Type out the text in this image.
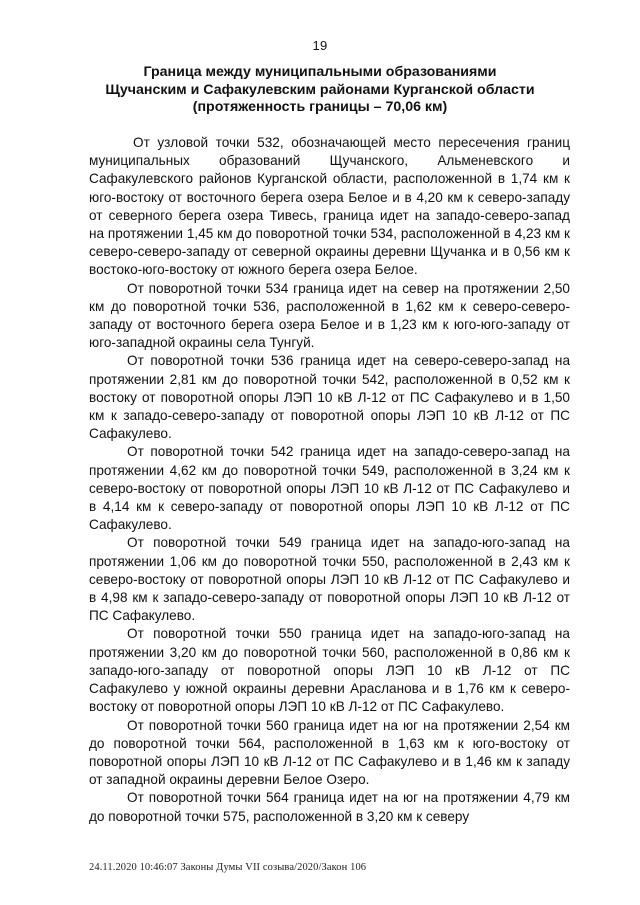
19
Граница между муниципальными образованиями
Щучанским и Сафакулевским районами Курганской области
(протяженность границы – 70,06 км)

От узловой точки 532, обозначающей место пересечения границ муниципальных образований Щучанского, Альменевского и Сафакулевского районов Курганской области, расположенной в 1,74 км к юго-востоку от восточного берега озера Белое и в 4,20 км к северо-западу от северного берега озера Тивесь, граница идет на западо-северо-запад на протяжении 1,45 км до поворотной точки 534, расположенной в 4,23 км к северо-северо-западу от северной окраины деревни Щучанка и в 0,56 км к востоко-юго-востоку от южного берега озера Белое.

От поворотной точки 534 граница идет на север на протяжении 2,50 км до поворотной точки 536, расположенной в 1,62 км к северо-северо-западу от восточного берега озера Белое и в 1,23 км к юго-юго-западу от юго-западной окраины села Тунгуй.

От поворотной точки 536 граница идет на северо-северо-запад на протяжении 2,81 км до поворотной точки 542, расположенной в 0,52 км к востоку от поворотной опоры ЛЭП 10 кВ Л-12 от ПС Сафакулево и в 1,50 км к западо-северо-западу от поворотной опоры ЛЭП 10 кВ Л-12 от ПС Сафакулево.

От поворотной точки 542 граница идет на западо-северо-запад на протяжении 4,62 км до поворотной точки 549, расположенной в 3,24 км к северо-востоку от поворотной опоры ЛЭП 10 кВ Л-12 от ПС Сафакулево и в 4,14 км к северо-западу от поворотной опоры ЛЭП 10 кВ Л-12 от ПС Сафакулево.

От поворотной точки 549 граница идет на западо-юго-запад на протяжении 1,06 км до поворотной точки 550, расположенной в 2,43 км к северо-востоку от поворотной опоры ЛЭП 10 кВ Л-12 от ПС Сафакулево и в 4,98 км к западо-северо-западу от поворотной опоры ЛЭП 10 кВ Л-12 от ПС Сафакулево.

От поворотной точки 550 граница идет на западо-юго-запад на протяжении 3,20 км до поворотной точки 560, расположенной в 0,86 км к западо-юго-западу от поворотной опоры ЛЭП 10 кВ Л-12 от ПС Сафакулево у южной окраины деревни Арасланова и в 1,76 км к северо-востоку от поворотной опоры ЛЭП 10 кВ Л-12 от ПС Сафакулево.

От поворотной точки 560 граница идет на юг на протяжении 2,54 км до поворотной точки 564, расположенной в 1,63 км к юго-востоку от поворотной опоры ЛЭП 10 кВ Л-12 от ПС Сафакулево и в 1,46 км к западу от западной окраины деревни Белое Озеро.

От поворотной точки 564 граница идет на юг на протяжении 4,79 км до поворотной точки 575, расположенной в 3,20 км к северу

24.11.2020 10:46:07 Законы Думы VII созыва/2020/Закон 106
